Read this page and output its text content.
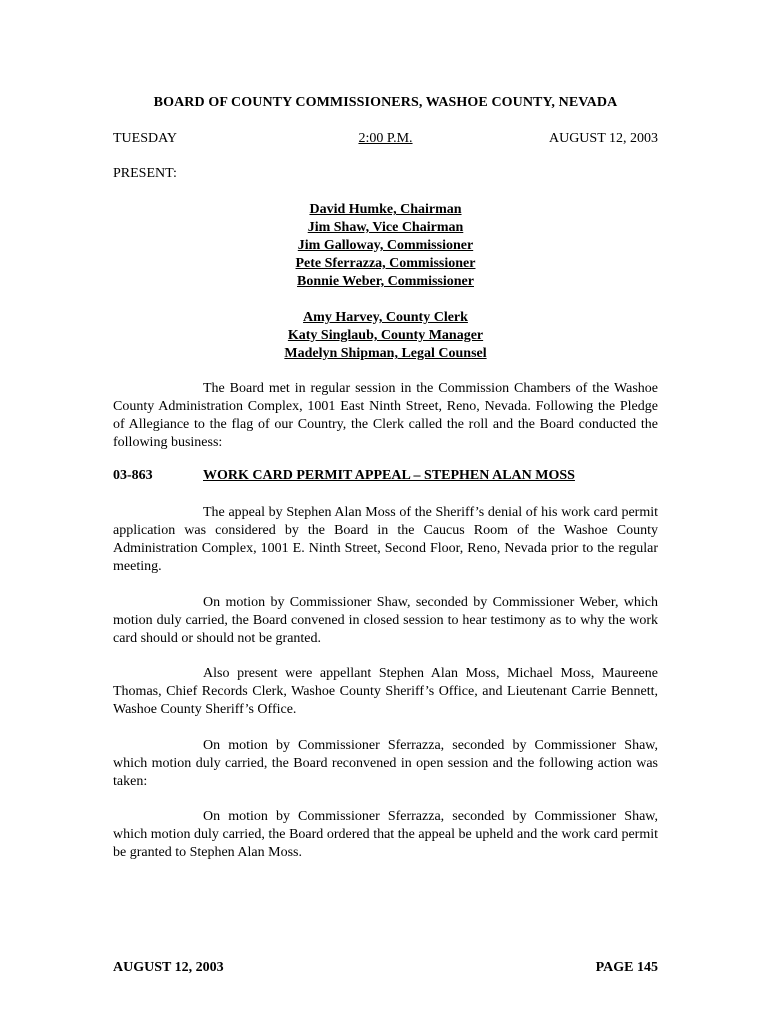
BOARD OF COUNTY COMMISSIONERS, WASHOE COUNTY, NEVADA
TUESDAY	2:00 P.M.	AUGUST 12, 2003
PRESENT:
David Humke, Chairman
Jim Shaw, Vice Chairman
Jim Galloway, Commissioner
Pete Sferrazza, Commissioner
Bonnie Weber, Commissioner
Amy Harvey, County Clerk
Katy Singlaub, County Manager
Madelyn Shipman, Legal Counsel

The Board met in regular session in the Commission Chambers of the Washoe County Administration Complex, 1001 East Ninth Street, Reno, Nevada. Following the Pledge of Allegiance to the flag of our Country, the Clerk called the roll and the Board conducted the following business:

03-863	WORK CARD PERMIT APPEAL – STEPHEN ALAN MOSS

The appeal by Stephen Alan Moss of the Sheriff’s denial of his work card permit application was considered by the Board in the Caucus Room of the Washoe County Administration Complex, 1001 E. Ninth Street, Second Floor, Reno, Nevada prior to the regular meeting.

On motion by Commissioner Shaw, seconded by Commissioner Weber, which motion duly carried, the Board convened in closed session to hear testimony as to why the work card should or should not be granted.

Also present were appellant Stephen Alan Moss, Michael Moss, Maureene Thomas, Chief Records Clerk, Washoe County Sheriff’s Office, and Lieutenant Carrie Bennett, Washoe County Sheriff’s Office.

On motion by Commissioner Sferrazza, seconded by Commissioner Shaw, which motion duly carried, the Board reconvened in open session and the following action was taken:

On motion by Commissioner Sferrazza, seconded by Commissioner Shaw, which motion duly carried, the Board ordered that the appeal be upheld and the work card permit be granted to Stephen Alan Moss.

AUGUST 12, 2003	PAGE 145
